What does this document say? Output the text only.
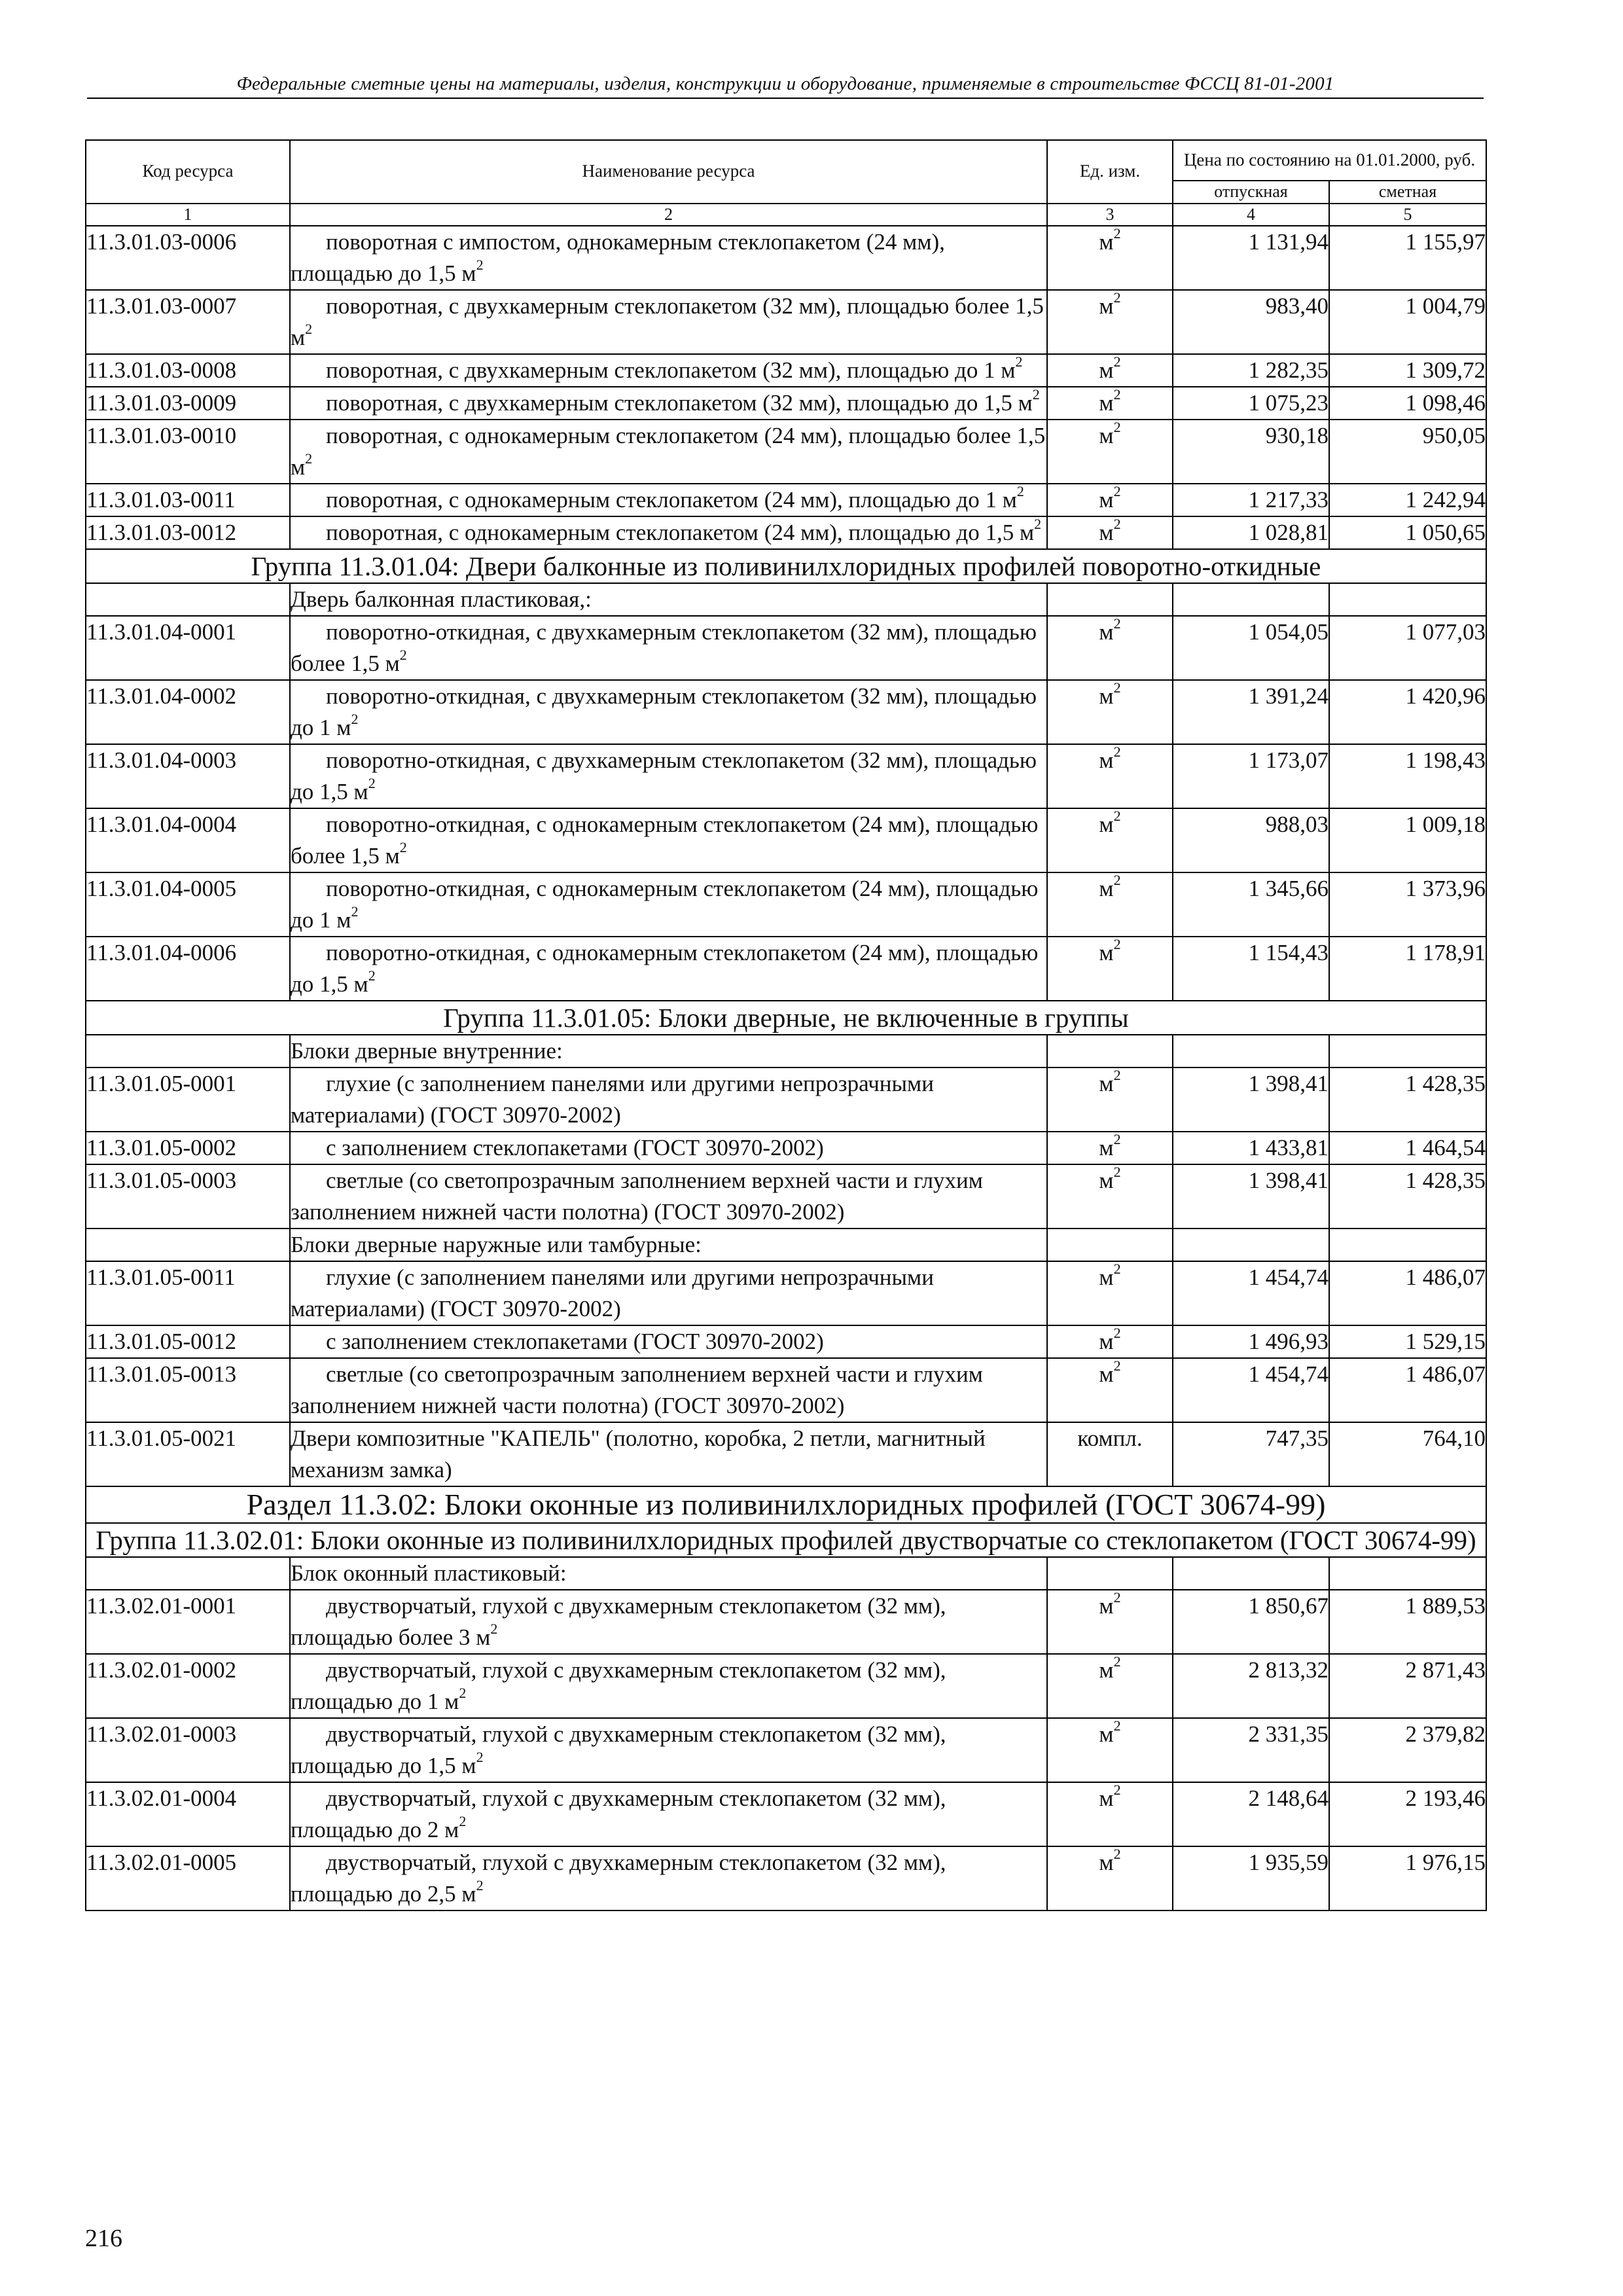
Федеральные сметные цены на материалы, изделия, конструкции и оборудование, применяемые в строительстве ФССЦ 81-01-2001
Код ресурса	Наименование ресурса	Ед. изм.	Цена по состоянию на 01.01.2000, руб.	
			отпускная	сметная
1	2	3	4	5
11.3.01.03-0006	поворотная с импостом, однокамерным стеклопакетом (24 мм), площадью до 1,5 $м^2$	$м^2$	1 131,94	1 155,97
11.3.01.03-0007	поворотная, с двухкамерным стеклопакетом (32 мм), площадью более 1,5 $м^2$	$м^2$	983,40	1 004,79
11.3.01.03-0008	поворотная, с двухкамерным стеклопакетом (32 мм), площадью до 1 $м^2$	$м^2$	1 282,35	1 309,72
11.3.01.03-0009	поворотная, с двухкамерным стеклопакетом (32 мм), площадью до 1,5 $м^2$	$м^2$	1 075,23	1 098,46
11.3.01.03-0010	поворотная, с однокамерным стеклопакетом (24 мм), площадью более 1,5 $м^2$	$м^2$	930,18	950,05
11.3.01.03-0011	поворотная, с однокамерным стеклопакетом (24 мм), площадью до 1 $м^2$	$м^2$	1 217,33	1 242,94
11.3.01.03-0012	поворотная, с однокамерным стеклопакетом (24 мм), площадью до 1,5 $м^2$	$м^2$	1 028,81	1 050,65
Группа 11.3.01.04: Двери балконные из поливинилхлоридных профилей поворотно-откидные				
	Дверь балконная пластиковая,:			
11.3.01.04-0001	поворотно-откидная, с двухкамерным стеклопакетом (32 мм), площадью более 1,5 $м^2$	$м^2$	1 054,05	1 077,03
11.3.01.04-0002	поворотно-откидная, с двухкамерным стеклопакетом (32 мм), площадью до 1 $м^2$	$м^2$	1 391,24	1 420,96
11.3.01.04-0003	поворотно-откидная, с двухкамерным стеклопакетом (32 мм), площадью до 1,5 $м^2$	$м^2$	1 173,07	1 198,43
11.3.01.04-0004	поворотно-откидная, с однокамерным стеклопакетом (24 мм), площадью более 1,5 $м^2$	$м^2$	988,03	1 009,18
11.3.01.04-0005	поворотно-откидная, с однокамерным стеклопакетом (24 мм), площадью до 1 $м^2$	$м^2$	1 345,66	1 373,96
11.3.01.04-0006	поворотно-откидная, с однокамерным стеклопакетом (24 мм), площадью до 1,5 $м^2$	$м^2$	1 154,43	1 178,91
Группа 11.3.01.05: Блоки дверные, не включенные в группы				
	Блоки дверные внутренние:			
11.3.01.05-0001	глухие (с заполнением панелями или другими непрозрачными материалами) (ГОСТ 30970-2002)	$м^2$	1 398,41	1 428,35
11.3.01.05-0002	с заполнением стеклопакетами (ГОСТ 30970-2002)	$м^2$	1 433,81	1 464,54
11.3.01.05-0003	светлые (со светопрозрачным заполнением верхней части и глухим заполнением нижней части полотна) (ГОСТ 30970-2002)	$м^2$	1 398,41	1 428,35
	Блоки дверные наружные или тамбурные:			
11.3.01.05-0011	глухие (с заполнением панелями или другими непрозрачными материалами) (ГОСТ 30970-2002)	$м^2$	1 454,74	1 486,07
11.3.01.05-0012	с заполнением стеклопакетами (ГОСТ 30970-2002)	$м^2$	1 496,93	1 529,15
11.3.01.05-0013	светлые (со светопрозрачным заполнением верхней части и глухим заполнением нижней части полотна) (ГОСТ 30970-2002)	$м^2$	1 454,74	1 486,07
11.3.01.05-0021	Двери композитные "КАПЕЛЬ" (полотно, коробка, 2 петли, магнитный механизм замка)	компл.	747,35	764,10
Раздел 11.3.02: Блоки оконные из поливинилхлоридных профилей (ГОСТ 30674-99)				
Группа 11.3.02.01: Блоки оконные из поливинилхлоридных профилей двустворчатые со стеклопакетом (ГОСТ 30674-99)				
	Блок оконный пластиковый:			
11.3.02.01-0001	двустворчатый, глухой с двухкамерным стеклопакетом (32 мм), площадью более 3 $м^2$	$м^2$	1 850,67	1 889,53
11.3.02.01-0002	двустворчатый, глухой с двухкамерным стеклопакетом (32 мм), площадью до 1 $м^2$	$м^2$	2 813,32	2 871,43
11.3.02.01-0003	двустворчатый, глухой с двухкамерным стеклопакетом (32 мм), площадью до 1,5 $м^2$	$м^2$	2 331,35	2 379,82
11.3.02.01-0004	двустворчатый, глухой с двухкамерным стеклопакетом (32 мм), площадью до 2 $м^2$	$м^2$	2 148,64	2 193,46
11.3.02.01-0005	двустворчатый, глухой с двухкамерным стеклопакетом (32 мм), площадью до 2,5 $м^2$	$м^2$	1 935,59	1 976,15
216
